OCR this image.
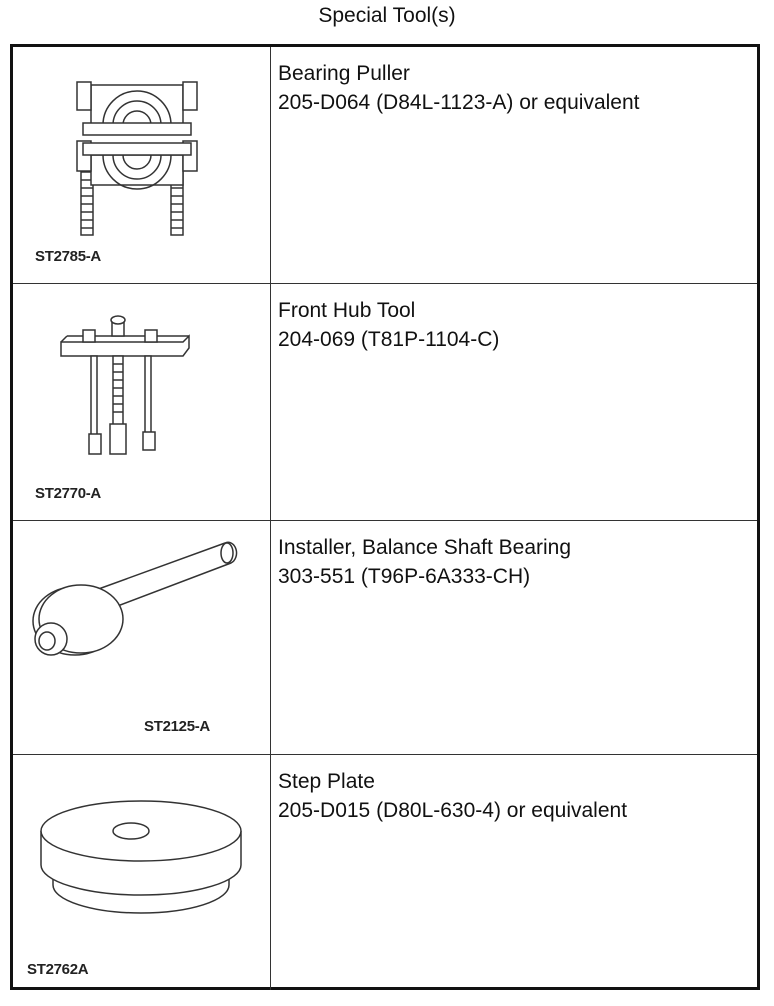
Special Tool(s)
ST2785-A
Bearing Puller
205-D064 (D84L-1123-A) or equivalent
ST2770-A
Front Hub Tool
204-069 (T81P-1104-C)
ST2125-A
Installer, Balance Shaft Bearing
303-551 (T96P-6A333-CH)
ST2762A
Step Plate
205-D015 (D80L-630-4) or equivalent
